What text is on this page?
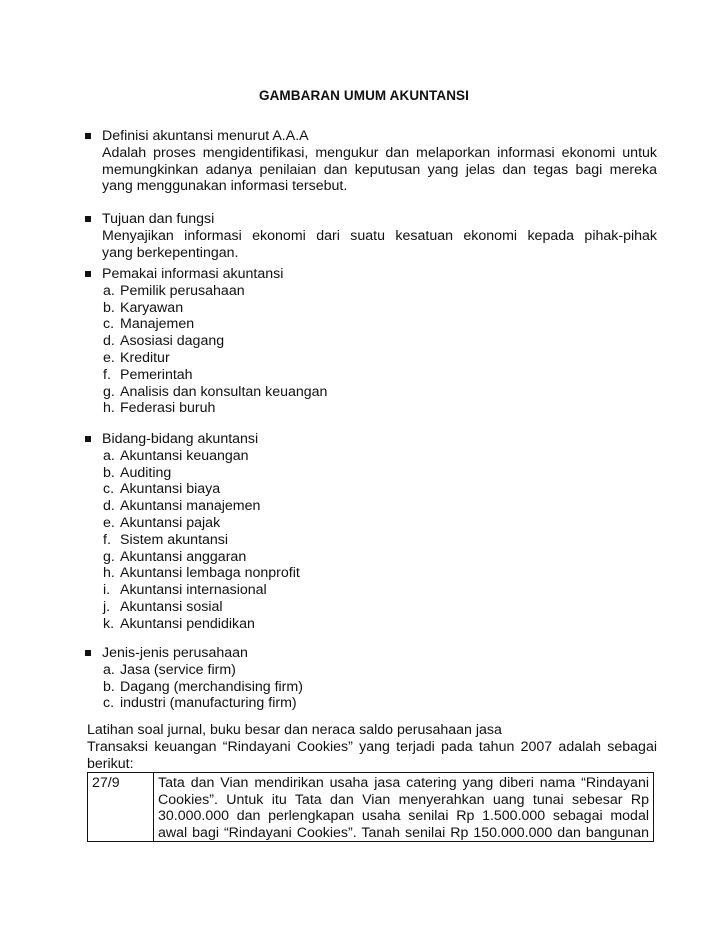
GAMBARAN UMUM AKUNTANSI
Definisi akuntansi menurut A.A.A
Adalah proses mengidentifikasi, mengukur dan melaporkan informasi ekonomi untuk
memungkinkan adanya penilaian dan keputusan yang jelas dan tegas bagi mereka
yang menggunakan informasi tersebut.
Tujuan dan fungsi
Menyajikan informasi ekonomi dari suatu kesatuan ekonomi kepada pihak-pihak
yang berkepentingan.
Pemakai informasi akuntansi
a. Pemilik perusahaan
b. Karyawan
c. Manajemen
d. Asosiasi dagang
e. Kreditur
f. Pemerintah
g. Analisis dan konsultan keuangan
h. Federasi buruh
Bidang-bidang akuntansi
a. Akuntansi keuangan
b. Auditing
c. Akuntansi biaya
d. Akuntansi manajemen
e. Akuntansi pajak
f. Sistem akuntansi
g. Akuntansi anggaran
h. Akuntansi lembaga nonprofit
i. Akuntansi internasional
j. Akuntansi sosial
k. Akuntansi pendidikan
Jenis-jenis perusahaan
a. Jasa (service firm)
b. Dagang (merchandising firm)
c. industri (manufacturing firm)
Latihan soal jurnal, buku besar dan neraca saldo perusahaan jasa
Transaksi keuangan “Rindayani Cookies” yang terjadi pada tahun 2007 adalah sebagai
berikut:
27/9	Tata dan Vian mendirikan usaha jasa catering yang diberi nama “Rindayani
Cookies”. Untuk itu Tata dan Vian menyerahkan uang tunai sebesar Rp
30.000.000 dan perlengkapan usaha senilai Rp 1.500.000 sebagai modal
awal bagi “Rindayani Cookies”. Tanah senilai Rp 150.000.000 dan bangunan
